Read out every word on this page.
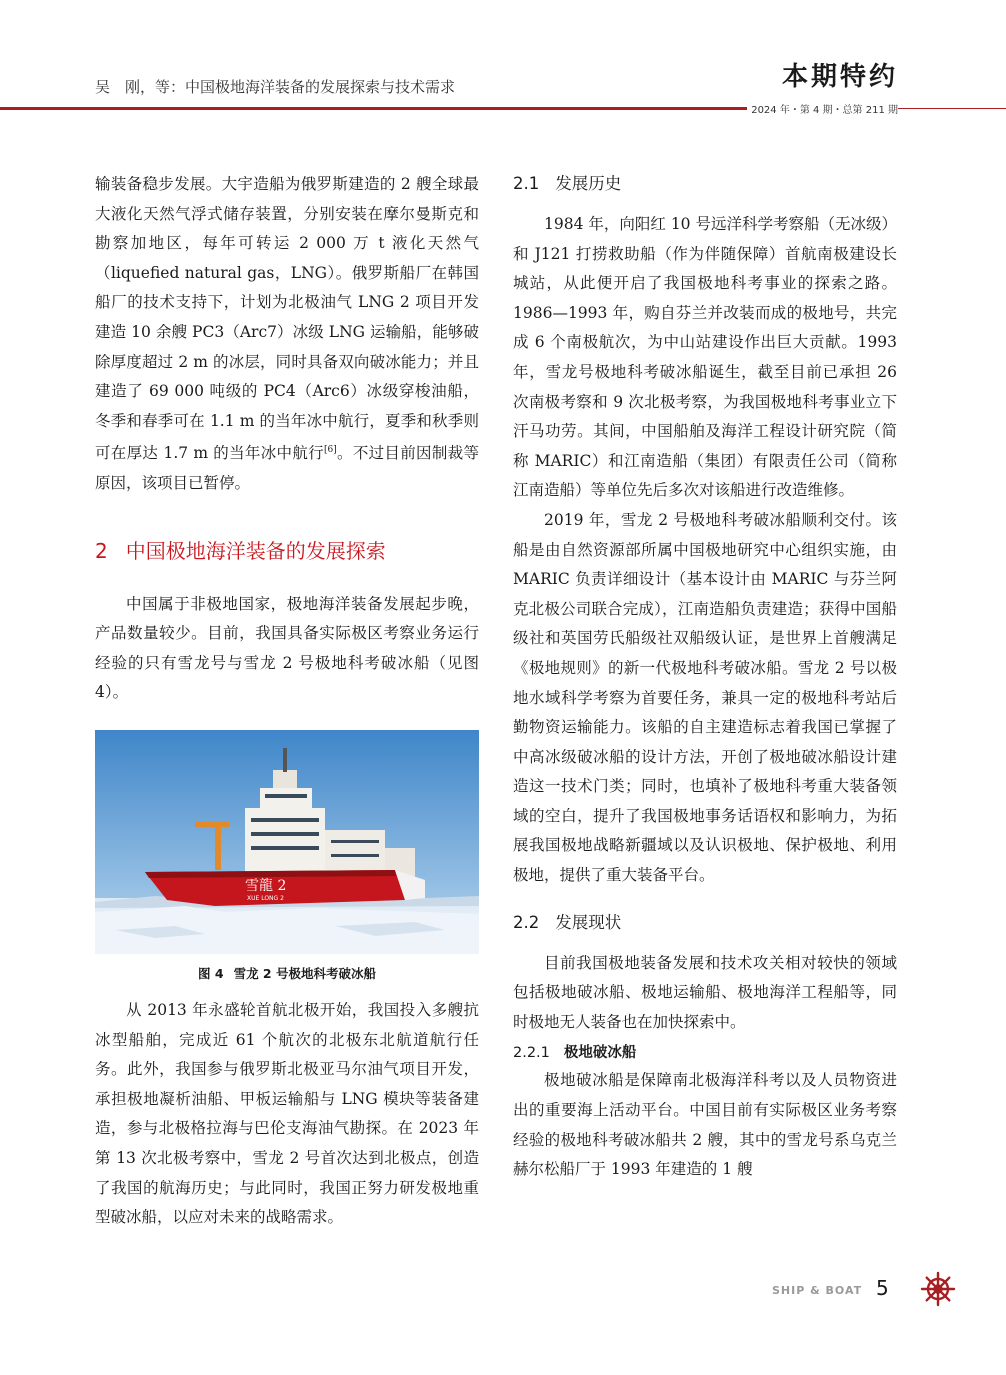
吴　刚，等：中国极地海洋装备的发展探索与技术需求	本期特约
2024 年・第 4 期・总第 211 期

输装备稳步发展。大宇造船为俄罗斯建造的 2 艘全球最大液化天然气浮式储存装置，分别安装在摩尔曼斯克和勘察加地区，每年可转运 2 000 万 t 液化天然气（liquefied natural gas，LNG）。俄罗斯船厂在韩国船厂的技术支持下，计划为北极油气 LNG 2 项目开发建造 10 余艘 PC3（Arc7）冰级 LNG 运输船，能够破除厚度超过 2 m 的冰层，同时具备双向破冰能力；并且建造了 69 000 吨级的 PC4（Arc6）冰级穿梭油船，冬季和春季可在 1.1 m 的当年冰中航行，夏季和秋季则可在厚达 1.7 m 的当年冰中航行[6]。不过目前因制裁等原因，该项目已暂停。

2 中国极地海洋装备的发展探索

中国属于非极地国家，极地海洋装备发展起步晚，产品数量较少。目前，我国具备实际极区考察业务运行经验的只有雪龙号与雪龙 2 号极地科考破冰船（见图 4）。

雪龍 2
XUE LONG 2
图 4 雪龙 2 号极地科考破冰船

从 2013 年永盛轮首航北极开始，我国投入多艘抗冰型船舶，完成近 61 个航次的北极东北航道航行任务。此外，我国参与俄罗斯北极亚马尔油气项目开发，承担极地凝析油船、甲板运输船与 LNG 模块等装备建造，参与北极格拉海与巴伦支海油气勘探。在 2023 年第 13 次北极考察中，雪龙 2 号首次达到北极点，创造了我国的航海历史；与此同时，我国正努力研发极地重型破冰船，以应对未来的战略需求。

2.1 发展历史

1984 年，向阳红 10 号远洋科学考察船（无冰级）和 J121 打捞救助船（作为伴随保障）首航南极建设长城站，从此便开启了我国极地科考事业的探索之路。1986—1993 年，购自芬兰并改装而成的极地号，共完成 6 个南极航次，为中山站建设作出巨大贡献。1993 年，雪龙号极地科考破冰船诞生，截至目前已承担 26 次南极考察和 9 次北极考察，为我国极地科考事业立下汗马功劳。其间，中国船舶及海洋工程设计研究院（简称 MARIC）和江南造船（集团）有限责任公司（简称江南造船）等单位先后多次对该船进行改造维修。

2019 年，雪龙 2 号极地科考破冰船顺利交付。该船是由自然资源部所属中国极地研究中心组织实施，由 MARIC 负责详细设计（基本设计由 MARIC 与芬兰阿克北极公司联合完成），江南造船负责建造；获得中国船级社和英国劳氏船级社双船级认证，是世界上首艘满足《极地规则》的新一代极地科考破冰船。雪龙 2 号以极地水域科学考察为首要任务，兼具一定的极地科考站后勤物资运输能力。该船的自主建造标志着我国已掌握了中高冰级破冰船的设计方法，开创了极地破冰船设计建造这一技术门类；同时，也填补了极地科考重大装备领域的空白，提升了我国极地事务话语权和影响力，为拓展我国极地战略新疆域以及认识极地、保护极地、利用极地，提供了重大装备平台。

2.2 发展现状

目前我国极地装备发展和技术攻关相对较快的领域包括极地破冰船、极地运输船、极地海洋工程船等，同时极地无人装备也在加快探索中。

2.2.1 极地破冰船

极地破冰船是保障南北极海洋科考以及人员物资进出的重要海上活动平台。中国目前有实际极区业务考察经验的极地科考破冰船共 2 艘，其中的雪龙号系乌克兰赫尔松船厂于 1993 年建造的 1 艘

SHIP & BOAT 5
